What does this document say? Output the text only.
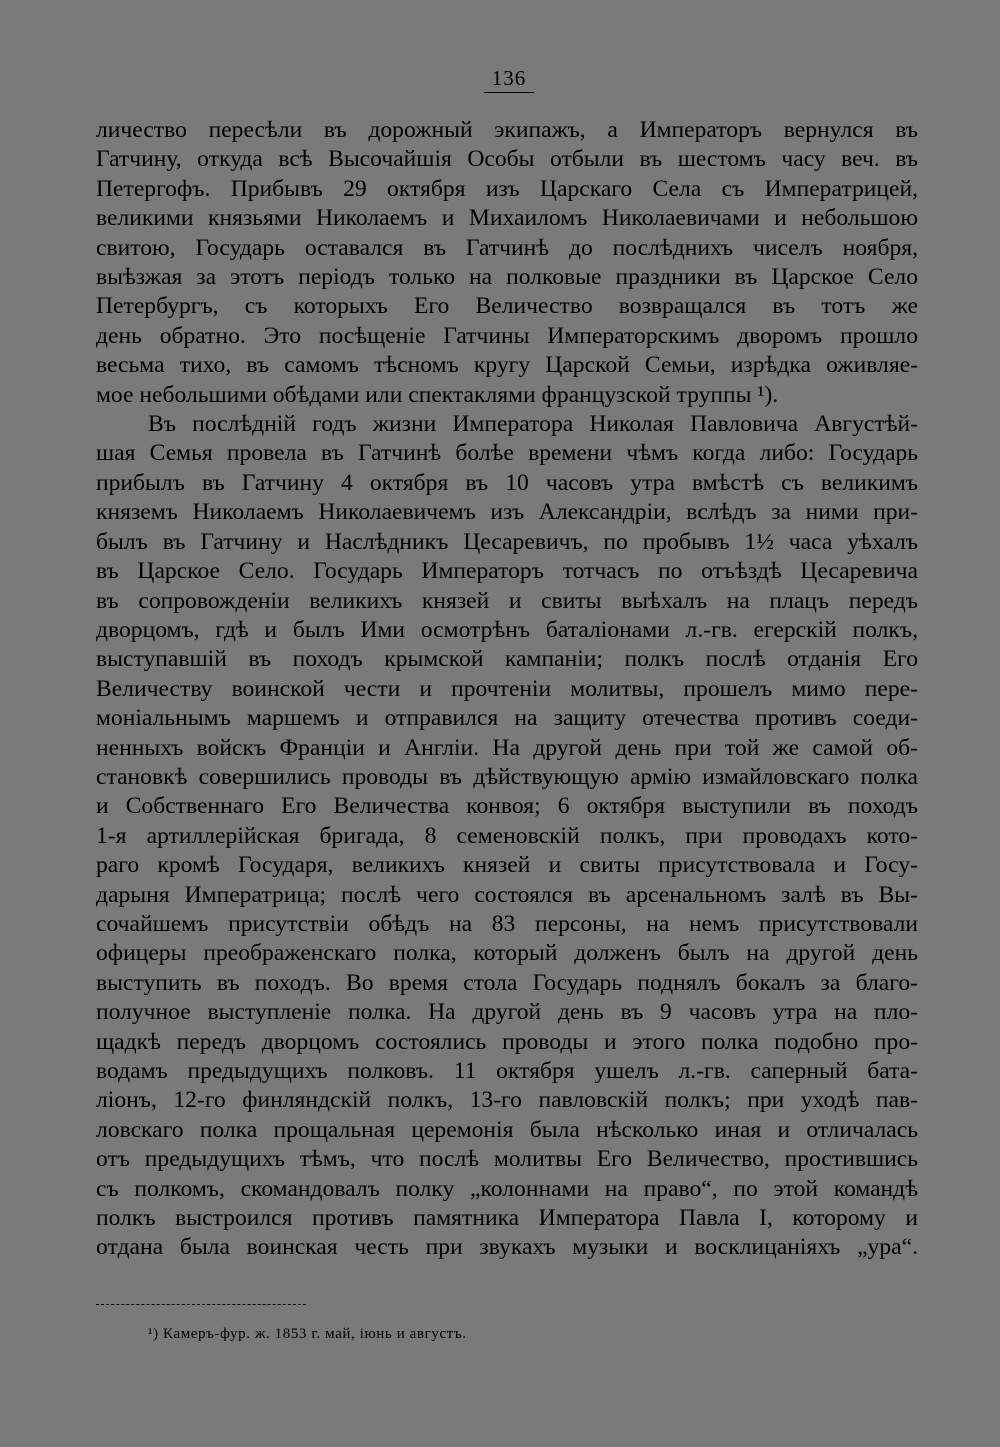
136
личество пересѣли въ дорожный экипажъ, а Императоръ вернулся въ
Гатчину, откуда всѣ Высочайшія Особы отбыли въ шестомъ часу веч. въ
Петергофъ. Прибывъ 29 октября изъ Царскаго Села съ Императрицей,
великими князьями Николаемъ и Михаиломъ Николаевичами и небольшою
свитою, Государь оставался въ Гатчинѣ до послѣднихъ чиселъ ноября,
выѣзжая за этотъ періодъ только на полковые праздники въ Царское Село
Петербургъ, съ которыхъ Его Величество возвращался въ тотъ же
день обратно. Это посѣщеніе Гатчины Императорскимъ дворомъ прошло
весьма тихо, въ самомъ тѣсномъ кругу Царской Семьи, изрѣдка оживляе-
мое небольшими обѣдами или спектаклями французской труппы ¹).
Въ послѣдній годъ жизни Императора Николая Павловича Августѣй-
шая Семья провела въ Гатчинѣ болѣе времени чѣмъ когда либо: Государь
прибылъ въ Гатчину 4 октября въ 10 часовъ утра вмѣстѣ съ великимъ
княземъ Николаемъ Николаевичемъ изъ Александріи, вслѣдъ за ними при-
былъ въ Гатчину и Наслѣдникъ Цесаревичъ, по пробывъ 1½ часа уѣхалъ
въ Царское Село. Государь Императоръ тотчасъ по отъѣздѣ Цесаревича
въ сопровожденіи великихъ князей и свиты выѣхалъ на плацъ передъ
дворцомъ, гдѣ и былъ Ими осмотрѣнъ баталіонами л.-гв. егерскій полкъ,
выступавшій въ походъ крымской кампаніи; полкъ послѣ отданія Его
Величеству воинской чести и прочтеніи молитвы, прошелъ мимо пере-
моніальнымъ маршемъ и отправился на защиту отечества противъ соеди-
ненныхъ войскъ Франціи и Англіи. На другой день при той же самой об-
становкѣ совершились проводы въ дѣйствующую армію измайловскаго полка
и Собственнаго Его Величества конвоя; 6 октября выступили въ походъ
1-я артиллерійская бригада, 8 семеновскій полкъ, при проводахъ кото-
раго кромѣ Государя, великихъ князей и свиты присутствовала и Госу-
дарыня Императрица; послѣ чего состоялся въ арсенальномъ залѣ въ Вы-
сочайшемъ присутствіи обѣдъ на 83 персоны, на немъ присутствовали
офицеры преображенскаго полка, который долженъ былъ на другой день
выступить въ походъ. Во время стола Государь поднялъ бокалъ за благо-
получное выступленіе полка. На другой день въ 9 часовъ утра на пло-
щадкѣ передъ дворцомъ состоялись проводы и этого полка подобно про-
водамъ предыдущихъ полковъ. 11 октября ушелъ л.-гв. саперный бата-
ліонъ, 12-го финляндскій полкъ, 13-го павловскій полкъ; при уходѣ пав-
ловскаго полка прощальная церемонія была нѣсколько иная и отличалась
отъ предыдущихъ тѣмъ, что послѣ молитвы Его Величество, простившись
съ полкомъ, скомандовалъ полку „колоннами на право“, по этой командѣ
полкъ выстроился противъ памятника Императора Павла I, которому и
отдана была воинская честь при звукахъ музыки и восклицаніяхъ „ура“.
¹) Камеръ-фур. ж. 1853 г. май, іюнь и августъ.
